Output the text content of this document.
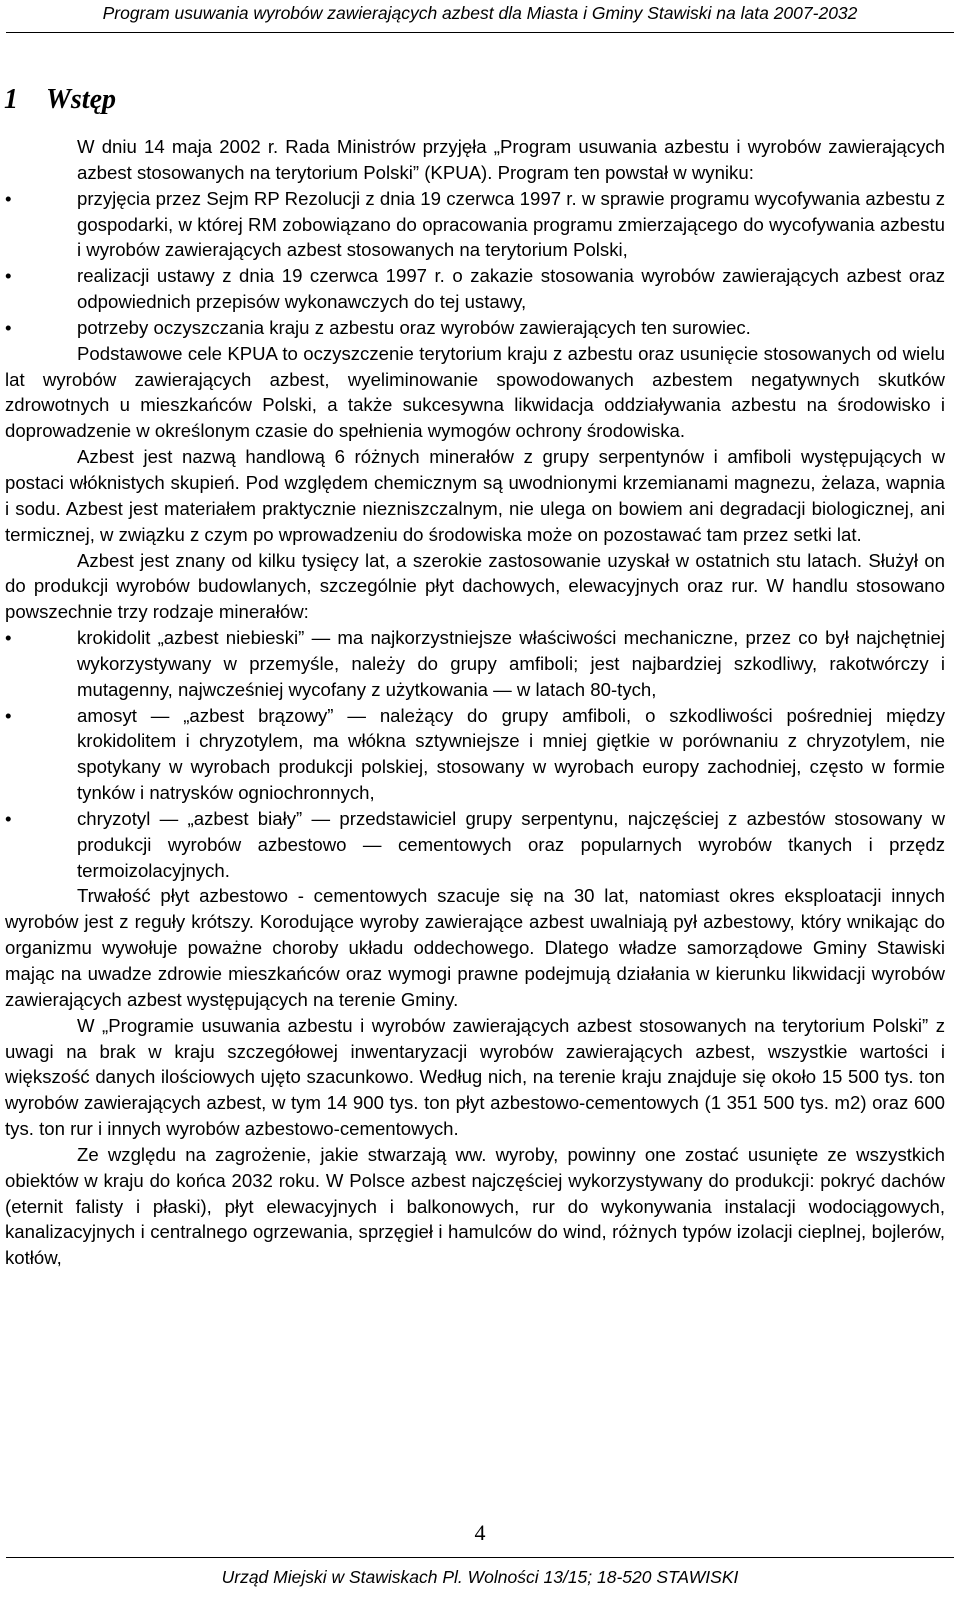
Program usuwania wyrobów zawierających azbest dla Miasta i Gminy Stawiski na lata 2007-2032
1 Wstęp

W dniu 14 maja 2002 r. Rada Ministrów przyjęła „Program usuwania azbestu i wyrobów zawierających azbest stosowanych na terytorium Polski” (KPUA). Program ten powstał w wyniku:

•	przyjęcia przez Sejm RP Rezolucji z dnia 19 czerwca 1997 r. w sprawie programu wycofywania azbestu z gospodarki, w której RM zobowiązano do opracowania programu zmierzającego do wycofywania azbestu i wyrobów zawierających azbest stosowanych na terytorium Polski,
•	realizacji ustawy z dnia 19 czerwca 1997 r. o zakazie stosowania wyrobów zawierających azbest oraz odpowiednich przepisów wykonawczych do tej ustawy,
•	potrzeby oczyszczania kraju z azbestu oraz wyrobów zawierających ten surowiec.

Podstawowe cele KPUA to oczyszczenie terytorium kraju z azbestu oraz usunięcie stosowanych od wielu lat wyrobów zawierających azbest, wyeliminowanie spowodowanych azbestem negatywnych skutków zdrowotnych u mieszkańców Polski, a także sukcesywna likwidacja oddziaływania azbestu na środowisko i doprowadzenie w określonym czasie do spełnienia wymogów ochrony środowiska.

Azbest jest nazwą handlową 6 różnych minerałów z grupy serpentynów i amfiboli występujących w postaci włóknistych skupień. Pod względem chemicznym są uwodnionymi krzemianami magnezu, żelaza, wapnia i sodu. Azbest jest materiałem praktycznie niezniszczalnym, nie ulega on bowiem ani degradacji biologicznej, ani termicznej, w związku z czym po wprowadzeniu do środowiska może on pozostawać tam przez setki lat.

Azbest jest znany od kilku tysięcy lat, a szerokie zastosowanie uzyskał w ostatnich stu latach. Służył on do produkcji wyrobów budowlanych, szczególnie płyt dachowych, elewacyjnych oraz rur. W handlu stosowano powszechnie trzy rodzaje minerałów:

•	krokidolit „azbest niebieski” — ma najkorzystniejsze właściwości mechaniczne, przez co był najchętniej wykorzystywany w przemyśle, należy do grupy amfiboli; jest najbardziej szkodliwy, rakotwórczy i mutagenny, najwcześniej wycofany z użytkowania — w latach 80-tych,
•	amosyt — „azbest brązowy” — należący do grupy amfiboli, o szkodliwości pośredniej między krokidolitem i chryzotylem, ma włókna sztywniejsze i mniej giętkie w porównaniu z chryzotylem, nie spotykany w wyrobach produkcji polskiej, stosowany w wyrobach europy zachodniej, często w formie tynków i natrysków ogniochronnych,
•	chryzotyl — „azbest biały” — przedstawiciel grupy serpentynu, najczęściej z azbestów stosowany w produkcji wyrobów azbestowo — cementowych oraz popularnych wyrobów tkanych i przędz termoizolacyjnych.

Trwałość płyt azbestowo - cementowych szacuje się na 30 lat, natomiast okres eksploatacji innych wyrobów jest z reguły krótszy. Korodujące wyroby zawierające azbest uwalniają pył azbestowy, który wnikając do organizmu wywołuje poważne choroby układu oddechowego. Dlatego władze samorządowe Gminy Stawiski mając na uwadze zdrowie mieszkańców oraz wymogi prawne podejmują działania w kierunku likwidacji wyrobów zawierających azbest występujących na terenie Gminy.

W „Programie usuwania azbestu i wyrobów zawierających azbest stosowanych na terytorium Polski” z uwagi na brak w kraju szczegółowej inwentaryzacji wyrobów zawierających azbest, wszystkie wartości i większość danych ilościowych ujęto szacunkowo. Według nich, na terenie kraju znajduje się około 15 500 tys. ton wyrobów zawierających azbest, w tym 14 900 tys. ton płyt azbestowo-cementowych (1 351 500 tys. m2) oraz 600 tys. ton rur i innych wyrobów azbestowo-cementowych.

Ze względu na zagrożenie, jakie stwarzają ww. wyroby, powinny one zostać usunięte ze wszystkich obiektów w kraju do końca 2032 roku. W Polsce azbest najczęściej wykorzystywany do produkcji: pokryć dachów (eternit falisty i płaski), płyt elewacyjnych i balkonowych, rur do wykonywania instalacji wodociągowych, kanalizacyjnych i centralnego ogrzewania, sprzęgieł i hamulców do wind, różnych typów izolacji cieplnej, bojlerów, kotłów,

4
Urząd Miejski w Stawiskach Pl. Wolności 13/15; 18-520 STAWISKI
